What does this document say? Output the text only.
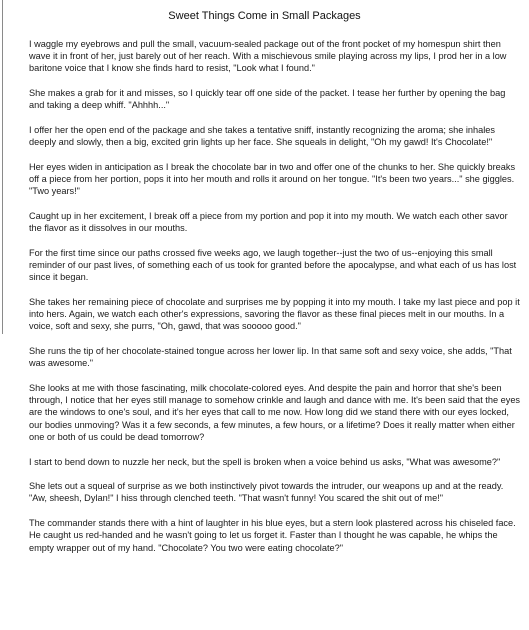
Sweet Things Come in Small Packages

I waggle my eyebrows and pull the small, vacuum-sealed package out of the front pocket of my homespun shirt then wave it in front of her, just barely out of her reach. With a mischievous smile playing across my lips, I prod her in a low baritone voice that I know she finds hard to resist, "Look what I found."

She makes a grab for it and misses, so I quickly tear off one side of the packet. I tease her further by opening the bag and taking a deep whiff. "Ahhhh..."

I offer her the open end of the package and she takes a tentative sniff, instantly recognizing the aroma; she inhales deeply and slowly, then a big, excited grin lights up her face. She squeals in delight, "Oh my gawd! It's Chocolate!"

Her eyes widen in anticipation as I break the chocolate bar in two and offer one of the chunks to her. She quickly breaks off a piece from her portion, pops it into her mouth and rolls it around on her tongue. "It's been two years..." she giggles. "Two years!"

Caught up in her excitement, I break off a piece from my portion and pop it into my mouth. We watch each other savor the flavor as it dissolves in our mouths.

For the first time since our paths crossed five weeks ago, we laugh together--just the two of us--enjoying this small reminder of our past lives, of something each of us took for granted before the apocalypse, and what each of us has lost since it began.

She takes her remaining piece of chocolate and surprises me by popping it into my mouth. I take my last piece and pop it into hers. Again, we watch each other's expressions, savoring the flavor as these final pieces melt in our mouths. In a voice, soft and sexy, she purrs, "Oh, gawd, that was sooooo good."

She runs the tip of her chocolate-stained tongue across her lower lip. In that same soft and sexy voice, she adds, "That was awesome."

She looks at me with those fascinating, milk chocolate-colored eyes. And despite the pain and horror that she's been through, I notice that her eyes still manage to somehow crinkle and laugh and dance with me. It's been said that the eyes are the windows to one's soul, and it's her eyes that call to me now. How long did we stand there with our eyes locked, our bodies unmoving? Was it a few seconds, a few minutes, a few hours, or a lifetime? Does it really matter when either one or both of us could be dead tomorrow?

I start to bend down to nuzzle her neck, but the spell is broken when a voice behind us asks, "What was awesome?"

She lets out a squeal of surprise as we both instinctively pivot towards the intruder, our weapons up and at the ready. "Aw, sheesh, Dylan!" I hiss through clenched teeth. "That wasn't funny! You scared the shit out of me!"

The commander stands there with a hint of laughter in his blue eyes, but a stern look plastered across his chiseled face. He caught us red-handed and he wasn't going to let us forget it. Faster than I thought he was capable, he whips the empty wrapper out of my hand. "Chocolate? You two were eating chocolate?"
